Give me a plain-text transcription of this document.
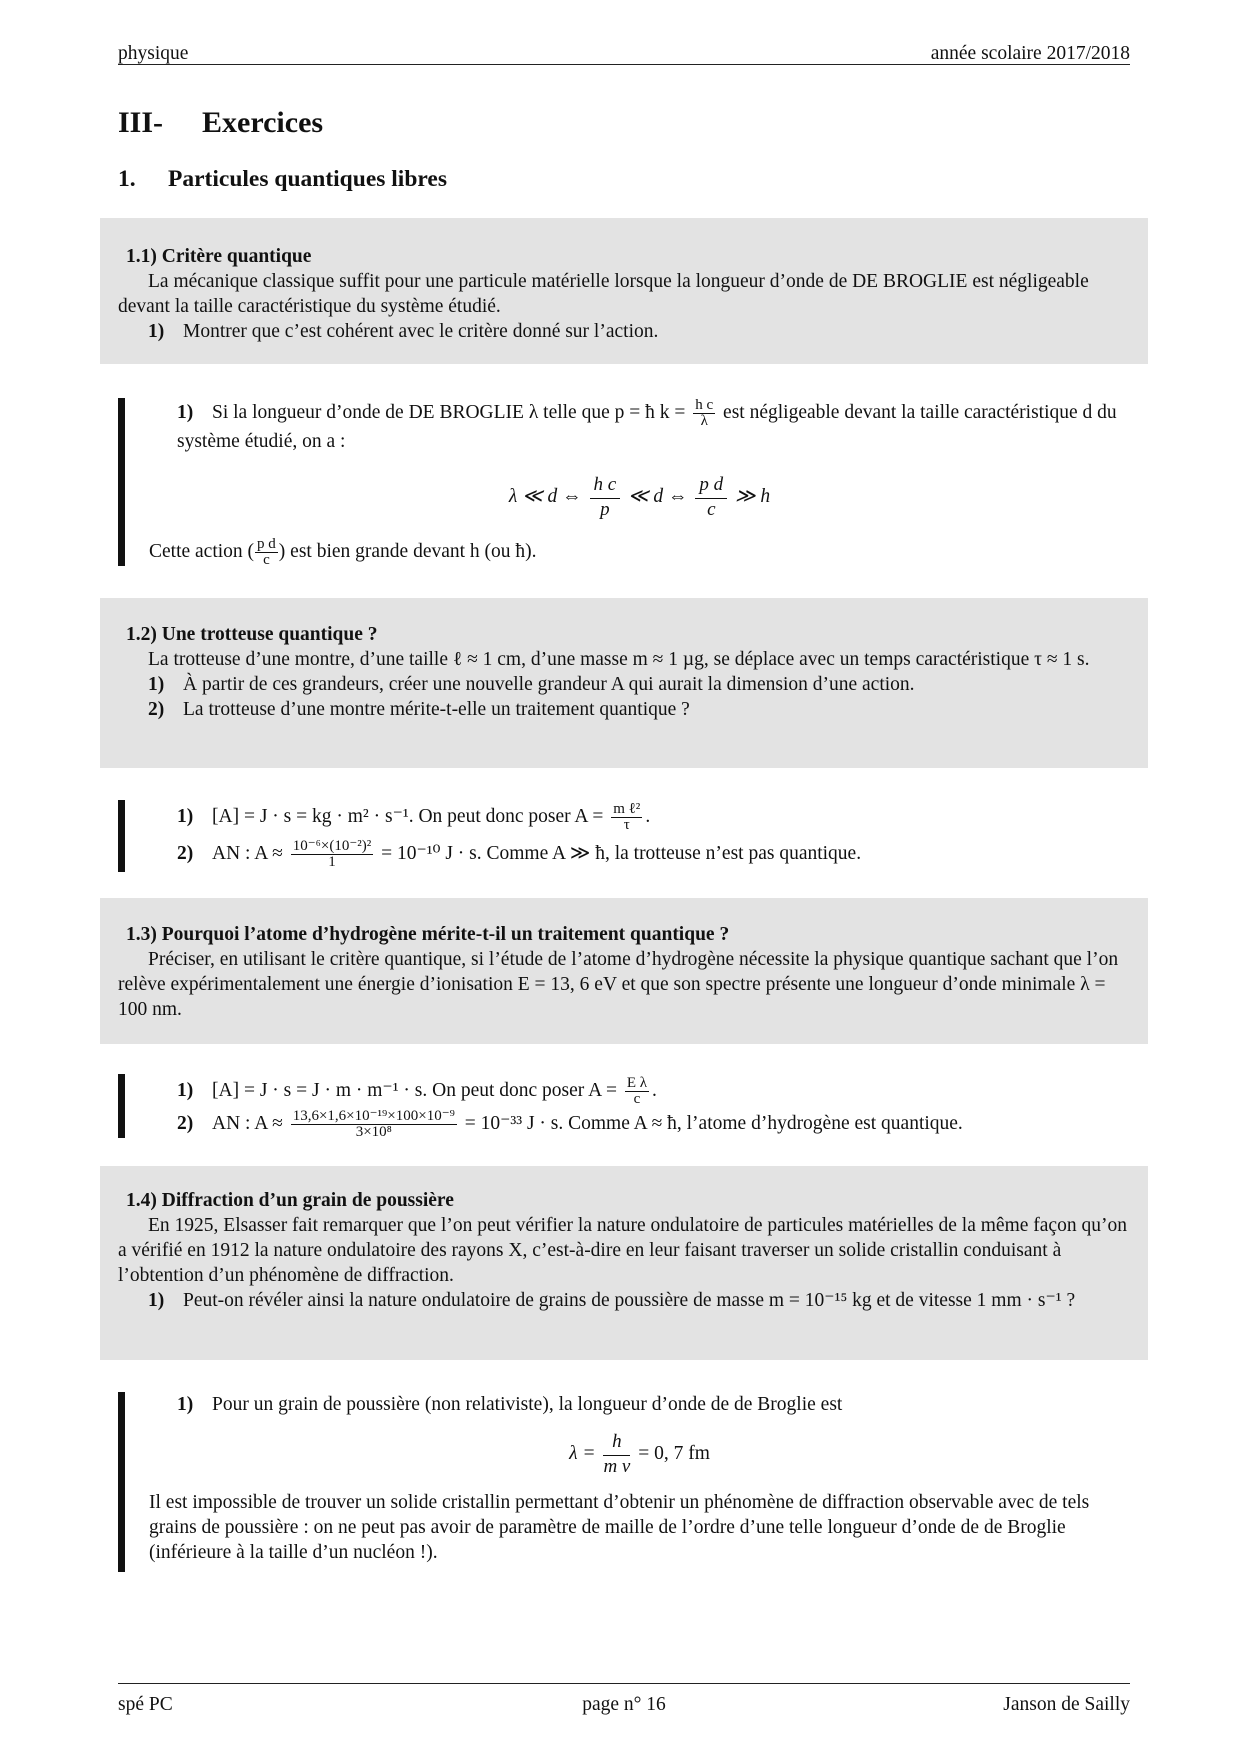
physique	année scolaire 2017/2018
III- Exercices
1. Particules quantiques libres
1.1) Critère quantique

La mécanique classique suffit pour une particule matérielle lorsque la longueur d’onde de DE BROGLIE est négligeable devant la taille caractéristique du système étudié.

1) Montrer que c’est cohérent avec le critère donné sur l’action.
1) Si la longueur d’onde de DE BROGLIE λ telle que p = ħ $k = \frac{\text{h c}}{\lambda}$ est négligeable devant la taille caractéristique d du système étudié, on a :
λ ≪ d ⇔ $\frac{\text{h c}}{p}$ ≪ d ⇔ $\frac{\text{p d}}{c}$ ≫ h
Cette action ( $\frac{\text{p d}}{c}$ ) est bien grande devant h (ou ħ).
1.2) Une trotteuse quantique ?

La trotteuse d’une montre, d’une taille ℓ ≈ 1 cm, d’une masse m ≈ 1 µg, se déplace avec un temps caractéristique τ ≈ 1 s.

1) À partir de ces grandeurs, créer une nouvelle grandeur A qui aurait la dimension d’une action.
2) La trotteuse d’une montre mérite-t-elle un traitement quantique ?
1) [A] = J · s = kg · m² · s⁻¹. On peut donc poser $A = \frac{\text{m ℓ²}}{\tau}$ .
2) AN : $A \approx \frac{\text{10⁻⁶×(10⁻²)²}}{1} = 10^{-10}$ J · s. Comme A ≫ ħ, la trotteuse n’est pas quantique.
1.3) Pourquoi l’atome d’hydrogène mérite-t-il un traitement quantique ?

Préciser, en utilisant le critère quantique, si l’étude de l’atome d’hydrogène nécessite la physique quantique sachant que l’on relève expérimentalement une énergie d’ionisation E = 13, 6 eV et que son spectre présente une longueur d’onde minimale λ = 100 nm.

1) [A] = J · s = J · m · m⁻¹ · s. On peut donc poser $A = \frac{\text{E λ}}{c}$ .
2) AN : $A \approx \frac{\text{13,6×1,6×10⁻¹⁹×100×10⁻⁹}}{\text{3×10⁸}} = 10^{-33}$ J · s. Comme A ≈ ħ, l’atome d’hydrogène est quantique.
1.4) Diffraction d’un grain de poussière

En 1925, Elsasser fait remarquer que l’on peut vérifier la nature ondulatoire de particules matérielles de la même façon qu’on a vérifié en 1912 la nature ondulatoire des rayons X, c’est-à-dire en leur faisant traverser un solide cristallin conduisant à l’obtention d’un phénomène de diffraction.

1) Peut-on révéler ainsi la nature ondulatoire de grains de poussière de masse m = 10⁻¹⁵ kg et de vitesse 1 mm · s⁻¹ ?
1) Pour un grain de poussière (non relativiste), la longueur d’onde de de Broglie est
$\lambda = \frac{h}{\text{m v}} = 0$, 7 fm
Il est impossible de trouver un solide cristallin permettant d’obtenir un phénomène de diffraction observable avec de tels grains de poussière : on ne peut pas avoir de paramètre de maille de l’ordre d’une telle longueur d’onde de de Broglie (inférieure à la taille d’un nucléon !).
spé PC	page n° 16	Janson de Sailly
